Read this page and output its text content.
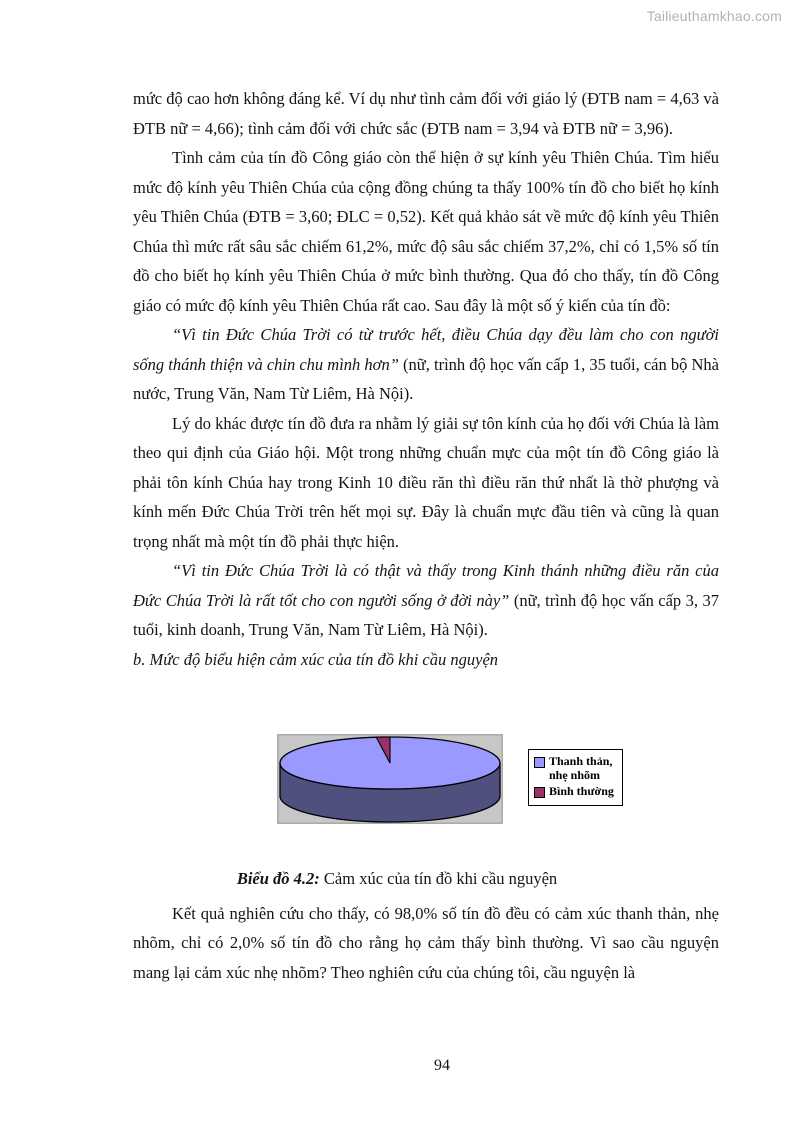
Tailieuthamkhao.com

mức độ cao hơn không đáng kể. Ví dụ như tình cảm đối với giáo lý (ĐTB nam = 4,63 và ĐTB nữ = 4,66); tình cảm đối với chức sắc (ĐTB nam = 3,94 và ĐTB nữ = 3,96).

Tình cảm của tín đồ Công giáo còn thể hiện ở sự kính yêu Thiên Chúa. Tìm hiểu mức độ kính yêu Thiên Chúa của cộng đồng chúng ta thấy 100% tín đồ cho biết họ kính yêu Thiên Chúa (ĐTB = 3,60; ĐLC = 0,52). Kết quả khảo sát về mức độ kính yêu Thiên Chúa thì mức rất sâu sắc chiếm 61,2%, mức độ sâu sắc chiếm 37,2%, chỉ có 1,5% số tín đồ cho biết họ kính yêu Thiên Chúa ở mức bình thường. Qua đó cho thấy, tín đồ Công giáo có mức độ kính yêu Thiên Chúa rất cao. Sau đây là một số ý kiến của tín đồ:

“Vì tin Đức Chúa Trời có từ trước hết, điều Chúa dạy đều làm cho con người sống thánh thiện và chin chu mình hơn” (nữ, trình độ học vấn cấp 1, 35 tuổi, cán bộ Nhà nước, Trung Văn, Nam Từ Liêm, Hà Nội).

Lý do khác được tín đồ đưa ra nhằm lý giải sự tôn kính của họ đối với Chúa là làm theo qui định của Giáo hội. Một trong những chuẩn mực của một tín đồ Công giáo là phải tôn kính Chúa hay trong Kinh 10 điều răn thì điều răn thứ nhất là thờ phượng và kính mến Đức Chúa Trời trên hết mọi sự. Đây là chuẩn mực đầu tiên và cũng là quan trọng nhất mà một tín đồ phải thực hiện.

“Vì tin Đức Chúa Trời là có thật và thấy trong Kinh thánh những điều răn của Đức Chúa Trời là rất tốt cho con người sống ở đời này” (nữ, trình độ học vấn cấp 3, 37 tuổi, kinh doanh, Trung Văn, Nam Từ Liêm, Hà Nội).

b. Mức độ biểu hiện cảm xúc của tín đồ khi cầu nguyện

Thanh thản, nhẹ nhõm
Bình thường

Biểu đồ 4.2: Cảm xúc của tín đồ khi cầu nguyện

Kết quả nghiên cứu cho thấy, có 98,0% số tín đồ đều có cảm xúc thanh thản, nhẹ nhõm, chỉ có 2,0% số tín đồ cho rằng họ cảm thấy bình thường. Vì sao cầu nguyện mang lại cảm xúc nhẹ nhõm? Theo nghiên cứu của chúng tôi, cầu nguyện là

94
